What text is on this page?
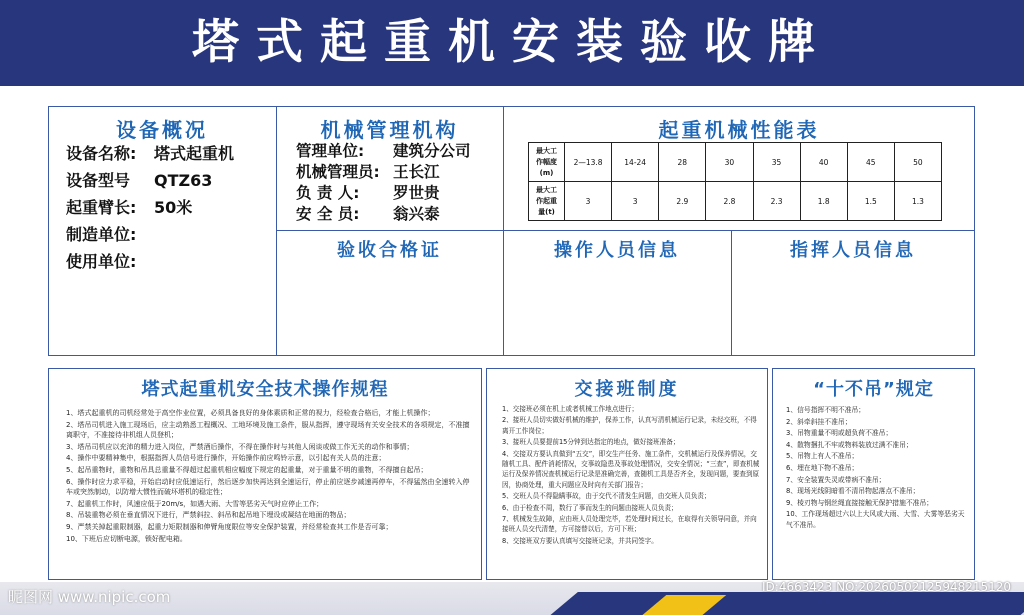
塔式起重机安装验收牌
设备概况
设备名称: 塔式起重机
设备型号 QTZ63
起重臂长: 50米
制造单位:
使用单位:
机械管理机构
管理单位: 建筑分公司
机械管理员: 王长江
负 责 人: 罗世贵
安 全 员: 翁兴泰
起重机械性能表
最大工
作幅度
(m)	2—13.8	14-24	28	30	35	40	45	50
最大工
作起重
量(t)	3	3	2.9	2.8	2.3	1.8	1.5	1.3
验收合格证	操作人员信息	指挥人员信息
塔式起重机安全技术操作规程

1、塔式起重机的司机经常处于高空作业位置，必须具备良好的身体素质和正常的视力，经检查合格后，才能上机操作；

2、塔吊司机进入施工现场后，应主动熟悉工程概况、工地环境及施工条件，服从指挥，遵守现场有关安全技术的各项规定，不准擅离职守，不准接待非机组人员登机；

3、塔吊司机应以充沛的精力进入岗位，严禁酒后操作，不得在操作时与其他人闲谈或做工作无关的动作和事情；

4、操作中要精神集中，根据指挥人员信号进行操作，开始操作前应鸣铃示意，以引起有关人员的注意；

5、起吊重物时，重物和吊具总重量不得超过起重机相应幅度下规定的起重量，对于重量不明的重物，不得擅自起吊；

6、操作时应力求平稳，开始启动时应低速运行，然后逐步加快再达到全速运行，停止前应逐步减速再停车，不得猛然由全速转入停车或突然制动，以防增大惯性而破坏塔机的稳定性；

7、起重机工作时，风速应低于20m/s，如遇大雨、大雪等恶劣天气时应停止工作；

8、吊装重物必须在垂直情况下进行，严禁斜拉、斜吊和起吊地下埋设或凝结在地面的物品；

9、严禁关掉起重限制器，起重力矩限制器和伸臂角度限位等安全保护装置，并经常检查其工作是否可靠；

10、下班后应切断电源，锁好配电箱。

交接班制度

1、交接班必须在机上或者机械工作地点进行；

2、接班人员切实做好机械的维护，保养工作，认真写清机械运行记录，未经交班，不得离开工作岗位；

3、接班人员要提前15分钟到达指定的地点，做好接班准备；

4、交接双方要认真做到“五交”，即交生产任务、施工条件，交机械运行及保养情况，交随机工具、配件消耗情况，交事故隐患及事故处理情况，交安全情况；“三查”，即查机械运行及保养情况查机械运行记录是准确完善，查随机工具是否齐全，发现问题，要查到原因，协商处理，重大问题应及时向有关部门报告；

5、交班人员不得隐瞒事故，由于交代不清发生问题，由交班人员负责；

6、由于检查不周，数行了事而发生的问题由接班人员负责；

7、机械发生故障，应由班人员处理完毕，若处理时间过长，在取得有关领导同意，并向接班人员交代清楚，方可接替以后，方可下班；

8、交接班双方要认真填写交接班记录，并共同签字。

“十不吊”规定

1、信号指挥不明不准吊；

2、斜牵斜挂不准吊；

3、吊物重量不明或超负荷不准吊；

4、散物捆扎不牢或物料装放过满不准吊；

5、吊物上有人不准吊；

6、埋在地下物不准吊；

7、安全装置失灵或带病不准吊；

8、现场光线阴暗看不清吊物起落点不准吊；

9、棱刃物与钢丝绳直接接触无保护措施不准吊；

10、工作现场超过六以上大风或大雨、大雪、大雾等恶劣天气不准吊。

昵图网 www.nipic.com
ID:4663423 NO:20260502125948215120
